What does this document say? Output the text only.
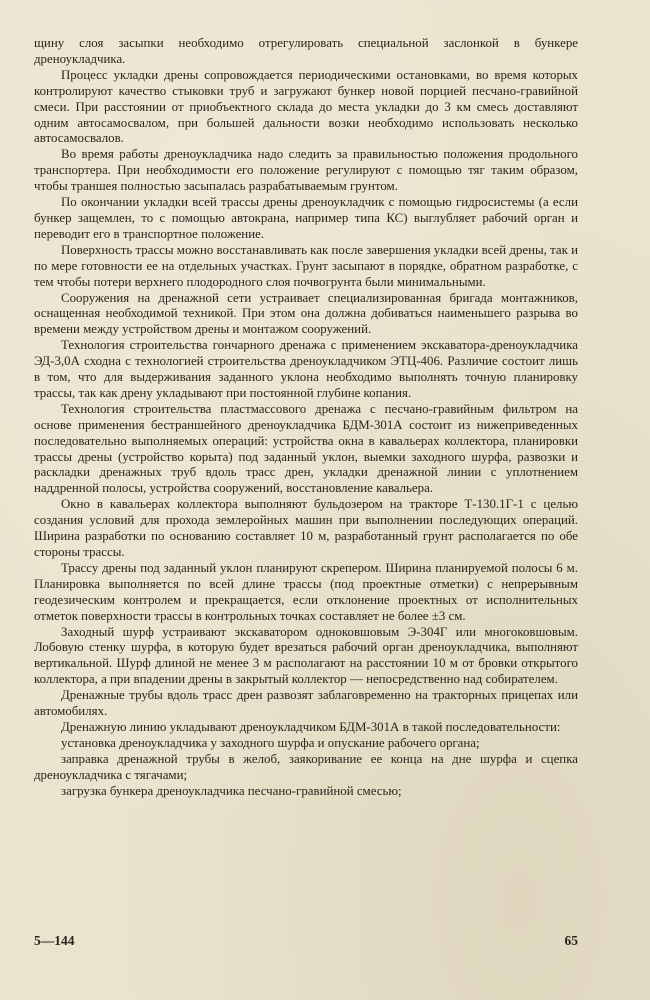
щину слоя засыпки необходимо отрегулировать специальной заслонкой в бункере дреноукладчика.

Процесс укладки дрены сопровождается периодическими остановками, во время которых контролируют качество стыковки труб и загружают бункер новой порцией песчано-гравийной смеси. При расстоянии от приобъектного склада до места укладки до 3 км смесь доставляют одним автосамосвалом, при большей дальности возки необходимо использовать несколько автосамосвалов.

Во время работы дреноукладчика надо следить за правильностью положения продольного транспортера. При необходимости его положение регулируют с помощью тяг таким образом, чтобы траншея полностью засыпалась разрабатываемым грунтом.

По окончании укладки всей трассы дрены дреноукладчик с помощью гидросистемы (а если бункер защемлен, то с помощью автокрана, например типа КС) выглубляет рабочий орган и переводит его в транспортное положение.

Поверхность трассы можно восстанавливать как после завершения укладки всей дрены, так и по мере готовности ее на отдельных участках. Грунт засыпают в порядке, обратном разработке, с тем чтобы потери верхнего плодородного слоя почвогрунта были минимальными.

Сооружения на дренажной сети устраивает специализированная бригада монтажников, оснащенная необходимой техникой. При этом она должна добиваться наименьшего разрыва во времени между устройством дрены и монтажом сооружений.

Технология строительства гончарного дренажа с применением экскаватора-дреноукладчика ЭД-3,0А сходна с технологией строительства дреноукладчиком ЭТЦ-406. Различие состоит лишь в том, что для выдерживания заданного уклона необходимо выполнять точную планировку трассы, так как дрену укладывают при постоянной глубине копания.

Технология строительства пластмассового дренажа с песчано-гравийным фильтром на основе применения бестраншейного дреноукладчика БДМ-301А состоит из нижеприведенных последовательно выполняемых операций: устройства окна в кавальерах коллектора, планировки трассы дрены (устройство корыта) под заданный уклон, выемки заходного шурфа, развозки и раскладки дренажных труб вдоль трасс дрен, укладки дренажной линии с уплотнением наддренной полосы, устройства сооружений, восстановление кавальера.

Окно в кавальерах коллектора выполняют бульдозером на тракторе Т-130.1Г-1 с целью создания условий для прохода землеройных машин при выполнении последующих операций. Ширина разработки по основанию составляет 10 м, разработанный грунт располагается по обе стороны трассы.

Трассу дрены под заданный уклон планируют скрепером. Ширина планируемой полосы 6 м. Планировка выполняется по всей длине трассы (под проектные отметки) с непрерывным геодезическим контролем и прекращается, если отклонение проектных от исполнительных отметок поверхности трассы в контрольных точках составляет не более ±3 см.

Заходный шурф устраивают экскаватором одноковшовым Э-304Г или многоковшовым. Лобовую стенку шурфа, в которую будет врезаться рабочий орган дреноукладчика, выполняют вертикальной. Шурф длиной не менее 3 м располагают на расстоянии 10 м от бровки открытого коллектора, а при впадении дрены в закрытый коллектор — непосредственно над собирателем.

Дренажные трубы вдоль трасс дрен развозят заблаговременно на тракторных прицепах или автомобилях.

Дренажную линию укладывают дреноукладчиком БДМ-301А в такой последовательности:

установка дреноукладчика у заходного шурфа и опускание рабочего органа;

заправка дренажной трубы в желоб, заякоривание ее конца на дне шурфа и сцепка дреноукладчика с тягачами;

загрузка бункера дреноукладчика песчано-гравийной смесью;

5—144	65
